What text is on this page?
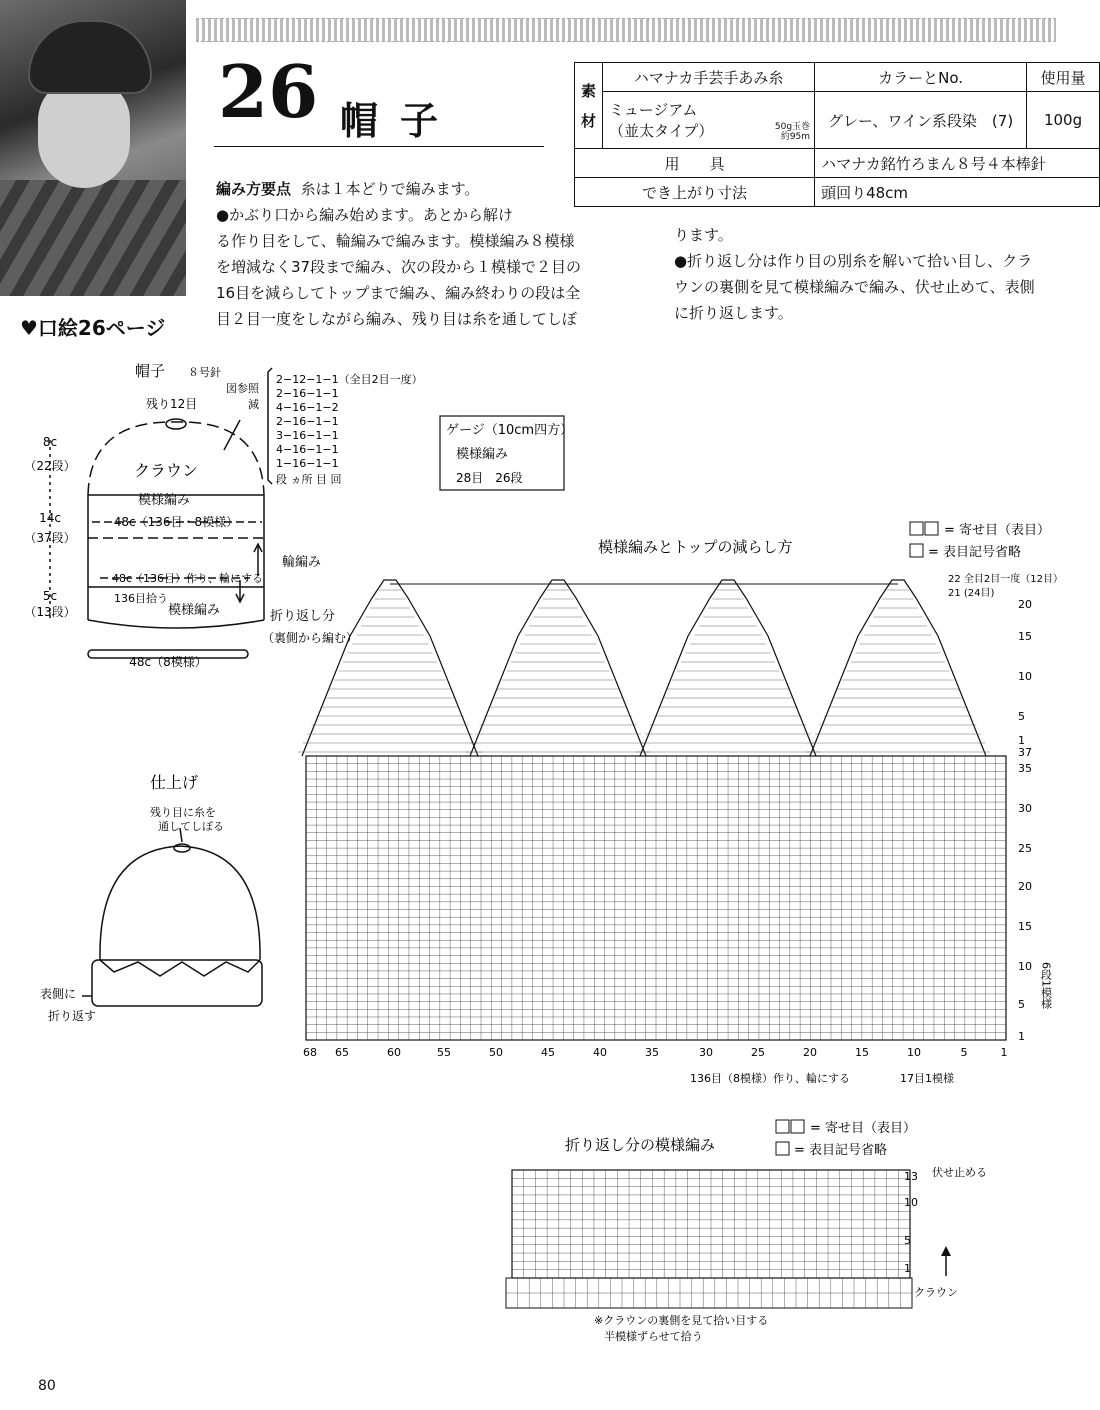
26 帽子
素材	ハマナカ手芸手あみ糸	カラーとNo.	使用量

	ミュージアム
（並太タイプ） 50g玉巻 約95m	グレー、ワイン系段染　(7)	100g

用　　具		ハマナカ銘竹ろまん８号４本棒針	
でき上がり寸法		頭回り48cm	
編み方要点 糸は１本どりで編みます。
●かぶり口から編み始めます。あとから解け
る作り目をして、輪編みで編みます。模様編み８模様
を増減なく37段まで編み、次の段から１模様で２目の
16目を減らしてトップまで編み、編み終わりの段は全
目２目一度をしながら編み、残り目は糸を通してしぼ
ります。
●折り返し分は作り目の別糸を解いて拾い目し、クラ
ウンの裏側を見て模様編みで編み、伏せ止めて、表側
に折り返します。
♥口絵26ページ
帽子 ８号針
残り12目
図参照
減
2−12−1−1（全目2目一度）
2−16−1−1
4−16−1−2
2−16−1−1
3−16−1−1
4−16−1−1
1−16−1−1
段 ヵ所 目 回
8c
（22段）
14c
（37段）
5c
（13段）
クラウン
模様編み
48c（136目・8模様）
48c（136目）作り、輪にする
136目拾う
模様編み
輪編み
折り返し分
（裏側から編む）
48c（8模様）
ゲージ（10cm四方）
模様編み
28目　26段
仕上げ
残り目に糸を
通してしぼる
表側に
折り返す
模様編みとトップの減らし方
= 寄せ目（表目）
= 表目記号省略
22 全目2目一度（12目）
21 (24目)
20
15
10
5
1
37
35
30
25
20
15
10
5
1
68 65	60	55	50	45	40	35	30	25	20	15	10	5	1
6段1模様
136目（8模様）作り、輪にする	17目1模様
折り返し分の模様編み
= 寄せ目（表目）
= 表目記号省略
伏せ止める
13
10
5
1
クラウン
※クラウンの裏側を見て拾い目する
半模様ずらせて拾う
80
